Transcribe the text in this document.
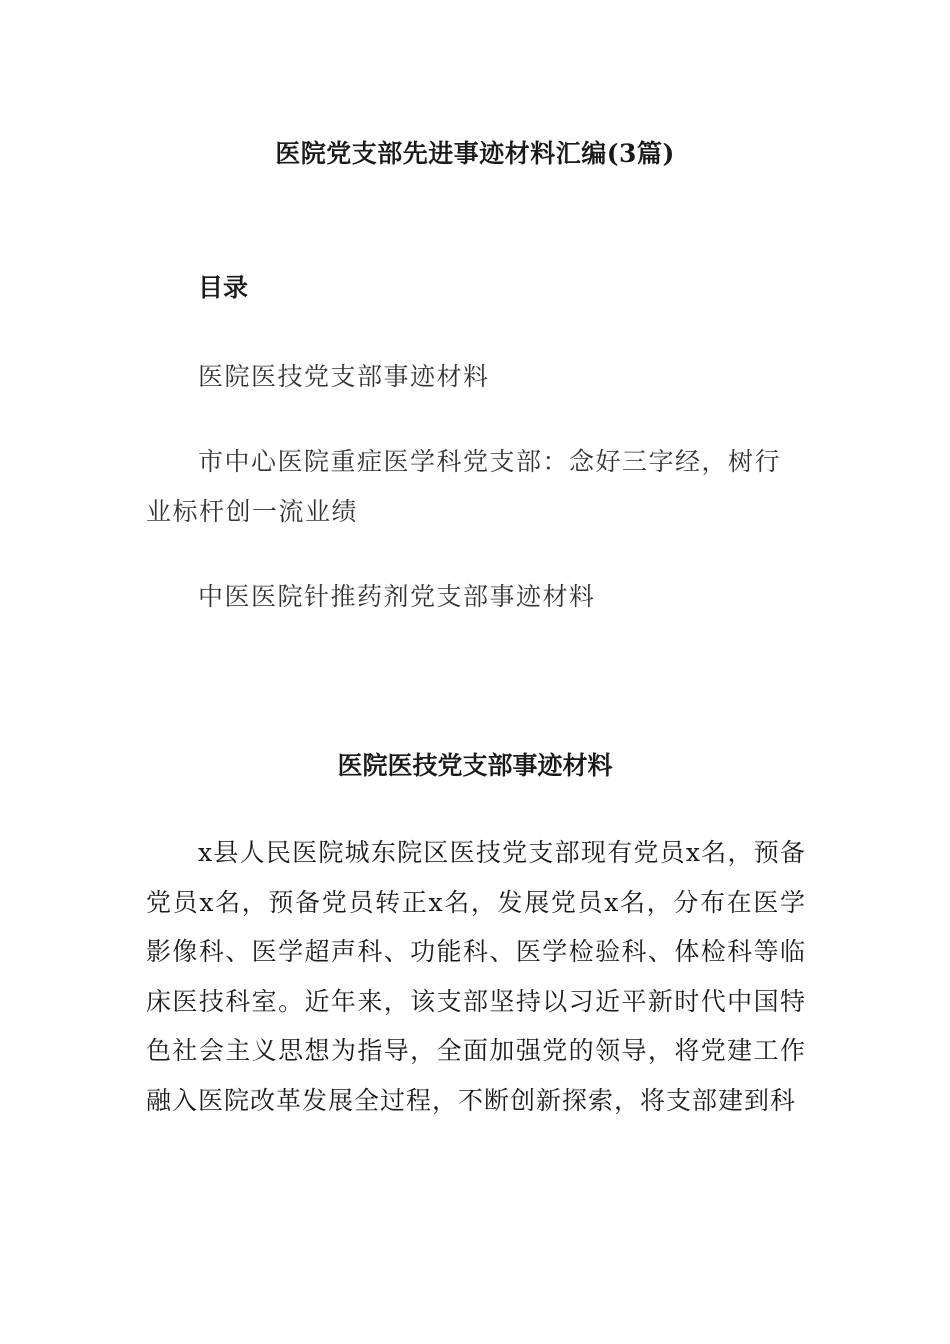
医院党支部先进事迹材料汇编(3篇)
目录
医院医技党支部事迹材料
市中心医院重症医学科党支部：念好三字经，树行业标杆创一流业绩
中医医院针推药剂党支部事迹材料
医院医技党支部事迹材料

x县人民医院城东院区医技党支部现有党员x名，预备党员x名，预备党员转正x名，发展党员x名，分布在医学影像科、医学超声科、功能科、医学检验科、体检科等临床医技科室。近年来，该支部坚持以习近平新时代中国特色社会主义思想为指导，全面加强党的领导，将党建工作融入医院改革发展全过程，不断创新探索，将支部建到科
